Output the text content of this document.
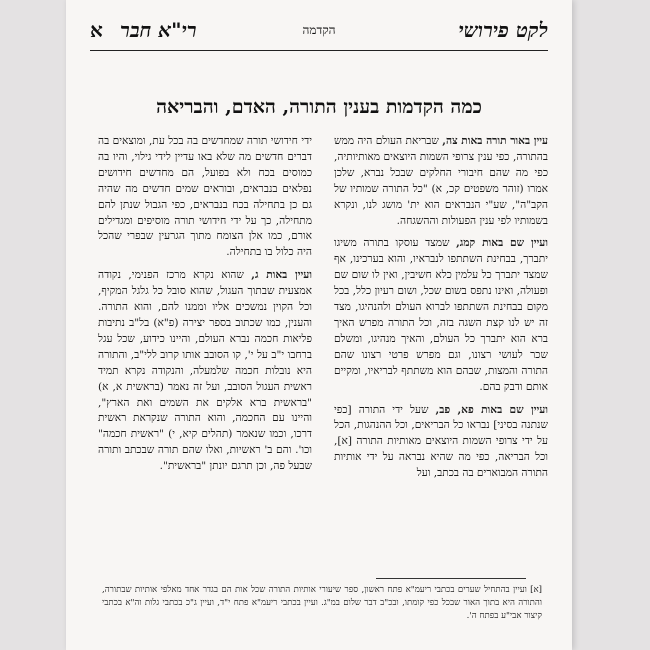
לקט פירושי
הקדמה
רי"א חבר
א
כמה הקדמות בענין התורה, האדם, והבריאה

עיין באור תורה באות צה, שבריאת העולם היה ממש בהתורה, כפי ענין צרופי השמות היוצאים מאותיותיה, כפי מה שהם חיבורי החלקים שבכל נברא, שלכן אמרו (זוהר משפטים קכ, א) "כל התורה שמותיו של הקב"ה", שע"י הנבראים הוא ית' מושג לנו, ונקרא בשמותיו לפי ענין הפעולות וההשגחה.

ועיין שם באות קמג, שמצד עוסקו בתורה משיגו יתברך, בבחינת השתתפו לנבראיו, והוא בערכינו, אף שמצד יתברך כל עלמין כלא חשיבין, ואין לו שום שם ופעולה, ואינו נתפס בשום שכל, ושום רעיון כלל, בכל מקום בבחינת השתתפו לברוא העולם ולהנהיגו, מצד זה יש לנו קצת השגה בזה, וכל התורה מפרש האיך ברא הוא יתברך כל העולם, והאיך מנהיגו, ומשלם שכר לעושי רצונו, וגם מפרש פרטי רצונו שהם התורה והמצות, שבהם הוא משתתף לבריאיו, ומקיים אותם ודבק בהם.

ועיין שם באות פא, פב, שעל ידי התורה [כפי שנתנה בסיני] נבראו כל הבריאים, וכל ההנהגות, הכל על ידי צרופי השמות היוצאים מאותיות התורה [א], וכל הבריאה, כפי מה שהיא נבראה על ידי אותיות התורה המבוארים בה בכתב, ועל

ידי חידושי תורה שמחדשים בה בכל עת, ומוצאים בה דברים חדשים מה שלא באו עדיין לידי גילוי, והיו בה כמוסים בכח ולא בפועל, הם מחדשים חידושים נפלאים בנבראים, ובוראים שמים חדשים מה שהיה גם כן בתחילה בכח בנבראים, כפי הגבול שנתן להם מתחילה, כך על ידי חידושי תורה מוסיפים ומגדילים אורם, כמו אלן הצומח מתוך הגרעין שבפרי שהכל היה כלול בו בתחילה.

ועיין באות ג, שהוא נקרא מרכז הפנימי, נקודה אמצעית שבתוך העגול, שהוא סובל כל גלגל המקיף, וכל הקוין נמשכים אליו וממנו להם, והוא התורה. והענין, כמו שכתוב בספר יצירה (פ"א) בל"ב נתיבות פליאות חכמה נברא העולם, והיינו כידוע, שכל עגל ברחבו י"ב על י', קו הסובב אותו קרוב ללי"ב, והתורה היא נובלות חכמה שלמעלה, והנקודה נקרא תמיד ראשית העגול הסובב, ועל זה נאמר (בראשית א, א) "בראשית ברא אלקים את השמים ואת הארץ", והיינו עם החכמה, והוא התורה שנקראת ראשית דרכו, וכמו שנאמר (תהלים קיא, י) "ראשית חכמה" וכו'. והם ב' ראשיות, ואלו שהם תורה שבכתב ותורה שבעל פה, וכן תרגם יונתן "בראשית".

[א] ועיין בהתחיל שערים בכתבי ריעמ"א פתח ראשון, ספר שיעורי אותיות התורה שכל אות הם בגדר אחד מאלפי אותיות שבתורה, והתורה היא בתוך האור שבכל כפי קומתו, ובכ"ב דבר שלום במ"ג. ועיין בכתבי ריעמ"א פתח י"ד, ועיין ג"כ בכתבי גלות וה"א בכתבי קיצור אבי"ע בפתח ה'.
